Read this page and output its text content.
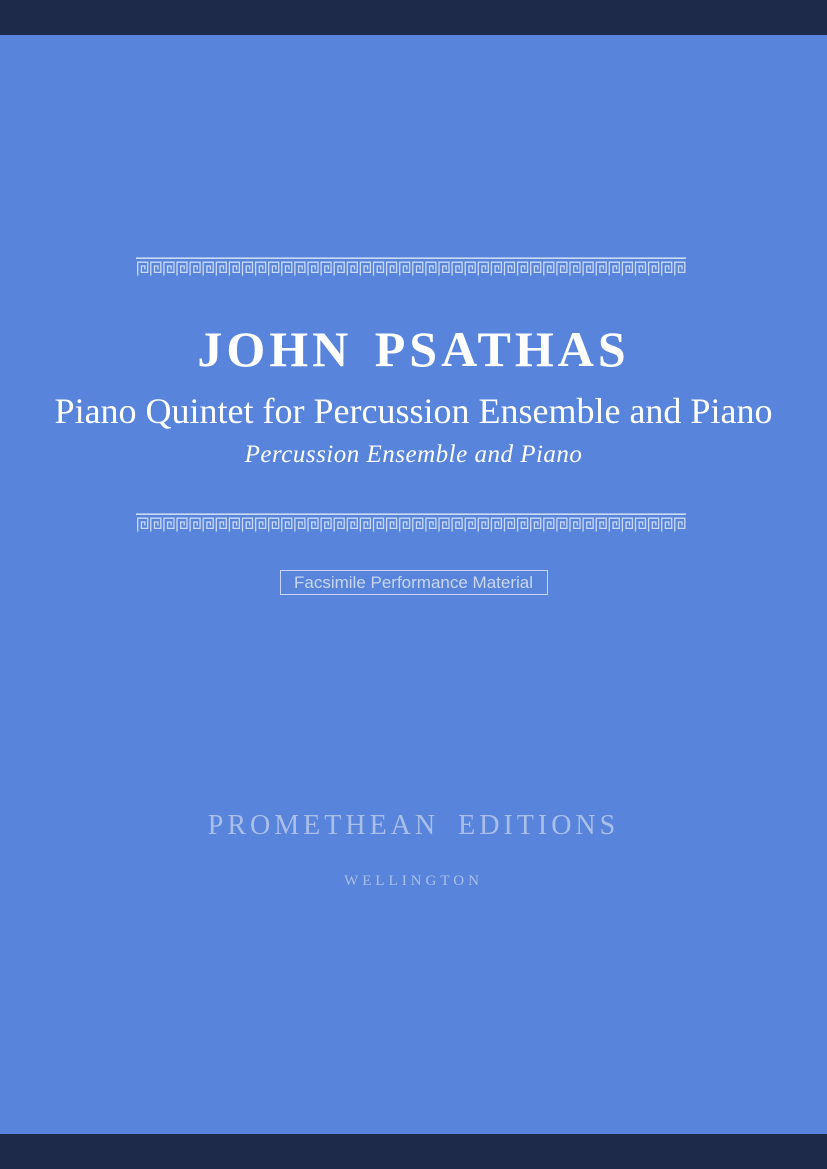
JOHN PSATHAS
Piano Quintet for Percussion Ensemble and Piano
Percussion Ensemble and Piano
Facsimile Performance Material
PROMETHEAN EDITIONS
WELLINGTON
